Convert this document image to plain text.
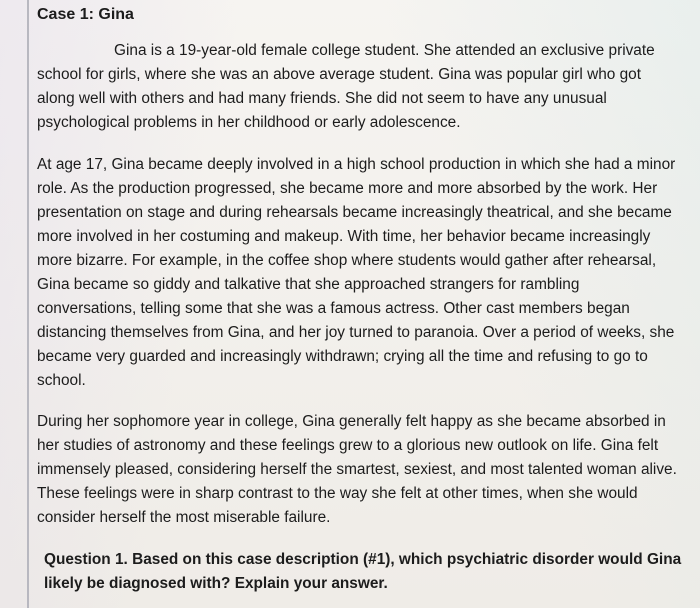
Case 1: Gina

Gina is a 19-year-old female college student. She attended an exclusive private school for girls, where she was an above average student. Gina was popular girl who got along well with others and had many friends. She did not seem to have any unusual psychological problems in her childhood or early adolescence.

At age 17, Gina became deeply involved in a high school production in which she had a minor role. As the production progressed, she became more and more absorbed by the work. Her presentation on stage and during rehearsals became increasingly theatrical, and she became more involved in her costuming and makeup. With time, her behavior became increasingly more bizarre. For example, in the coffee shop where students would gather after rehearsal, Gina became so giddy and talkative that she approached strangers for rambling conversations, telling some that she was a famous actress. Other cast members began distancing themselves from Gina, and her joy turned to paranoia. Over a period of weeks, she became very guarded and increasingly withdrawn; crying all the time and refusing to go to school.

During her sophomore year in college, Gina generally felt happy as she became absorbed in her studies of astronomy and these feelings grew to a glorious new outlook on life. Gina felt immensely pleased, considering herself the smartest, sexiest, and most talented woman alive. These feelings were in sharp contrast to the way she felt at other times, when she would consider herself the most miserable failure.

Question 1. Based on this case description (#1), which psychiatric disorder would Gina likely be diagnosed with? Explain your answer.
